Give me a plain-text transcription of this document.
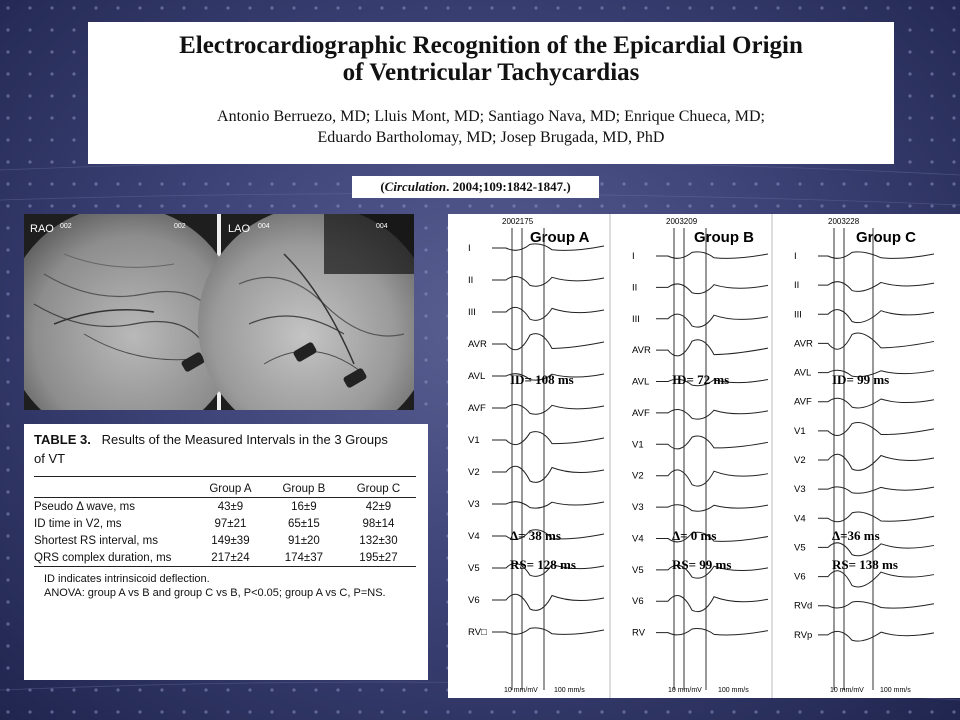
Electrocardiographic Recognition of the Epicardial Origin
of Ventricular Tachycardias
Antonio Berruezo, MD; Lluis Mont, MD; Santiago Nava, MD; Enrique Chueca, MD;
Eduardo Bartholomay, MD; Josep Brugada, MD, PhD
(Circulation. 2004;109:1842-1847.)
RAO 002	002	LAO 004	004
TABLE 3. Results of the Measured Intervals in the 3 Groups
of VT

	Group A	Group B	Group C
Pseudo Δ wave, ms	43±9	16±9	42±9
ID time in V2, ms	97±21	65±15	98±14
Shortest RS interval, ms	149±39	91±20	132±30
QRS complex duration, ms	217±24	174±37	195±27
ID indicates intrinsicoid deflection.
ANOVA: group A vs B and group C vs B, P<0.05; group A vs C, P=NS.
2002175
Group A
I
II
III
AVR
AVL
AVF
V1
V2
V3
V4
V5
V6
RV□
ID= 108 ms
Δ= 38 ms
RS= 128 ms
10 mm/mV 100 mm/s
2003209
Group B
I
II
III
AVR
AVL
AVF
V1
V2
V3
V4
V5
V6
RV
ID= 72 ms
Δ= 0 ms
RS= 99 ms
10 mm/mV 100 mm/s
2003228
Group C
I
II
III
AVR
AVL
AVF
V1
V2
V3
V4
V5
V6
RVd
RVp
ID= 99 ms
Δ=36 ms
RS= 138 ms
10 mm/mV 100 mm/s
